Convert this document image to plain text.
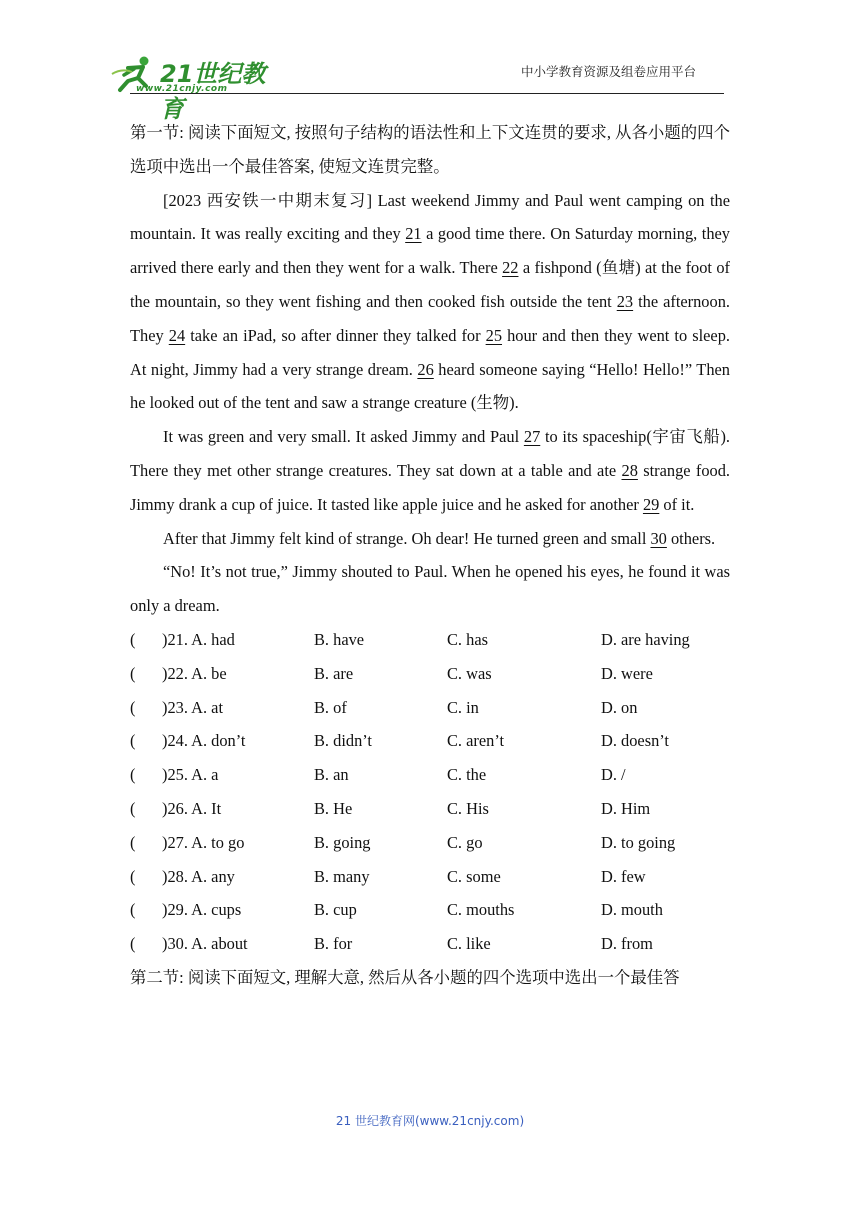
21世纪教育
www.21cnjy.com
中小学教育资源及组卷应用平台

第一节: 阅读下面短文, 按照句子结构的语法性和上下文连贯的要求, 从各小题的四个选项中选出一个最佳答案, 使短文连贯完整。

[2023 西安铁一中期末复习] Last weekend Jimmy and Paul went camping on the mountain. It was really exciting and they 21 a good time there. On Saturday morning, they arrived there early and then they went for a walk. There 22 a fishpond (鱼塘) at the foot of the mountain, so they went fishing and then cooked fish outside the tent 23 the afternoon. They 24 take an iPad, so after dinner they talked for 25 hour and then they went to sleep. At night, Jimmy had a very strange dream. 26 heard someone saying “Hello! Hello!” Then he looked out of the tent and saw a strange creature (生物).

It was green and very small. It asked Jimmy and Paul 27 to its spaceship(宇宙飞船). There they met other strange creatures. They sat down at a table and ate 28 strange food. Jimmy drank a cup of juice. It tasted like apple juice and he asked for another 29 of it.

After that Jimmy felt kind of strange. Oh dear! He turned green and small 30 others.

“No! It’s not true,” Jimmy shouted to Paul. When he opened his eyes, he found it was only a dream.

(	)21. A. had	B. have	C. has	D. are having
(	)22. A. be	B. are	C. was	D. were
(	)23. A. at	B. of	C. in	D. on
(	)24. A. don’t	B. didn’t	C. aren’t	D. doesn’t
(	)25. A. a	B. an	C. the	D. /
(	)26. A. It	B. He	C. His	D. Him
(	)27. A. to go	B. going	C. go	D. to going
(	)28. A. any	B. many	C. some	D. few
(	)29. A. cups	B. cup	C. mouths	D. mouth
(	)30. A. about	B. for	C. like	D. from

第二节: 阅读下面短文, 理解大意, 然后从各小题的四个选项中选出一个最佳答

21 世纪教育网(www.21cnjy.com)
